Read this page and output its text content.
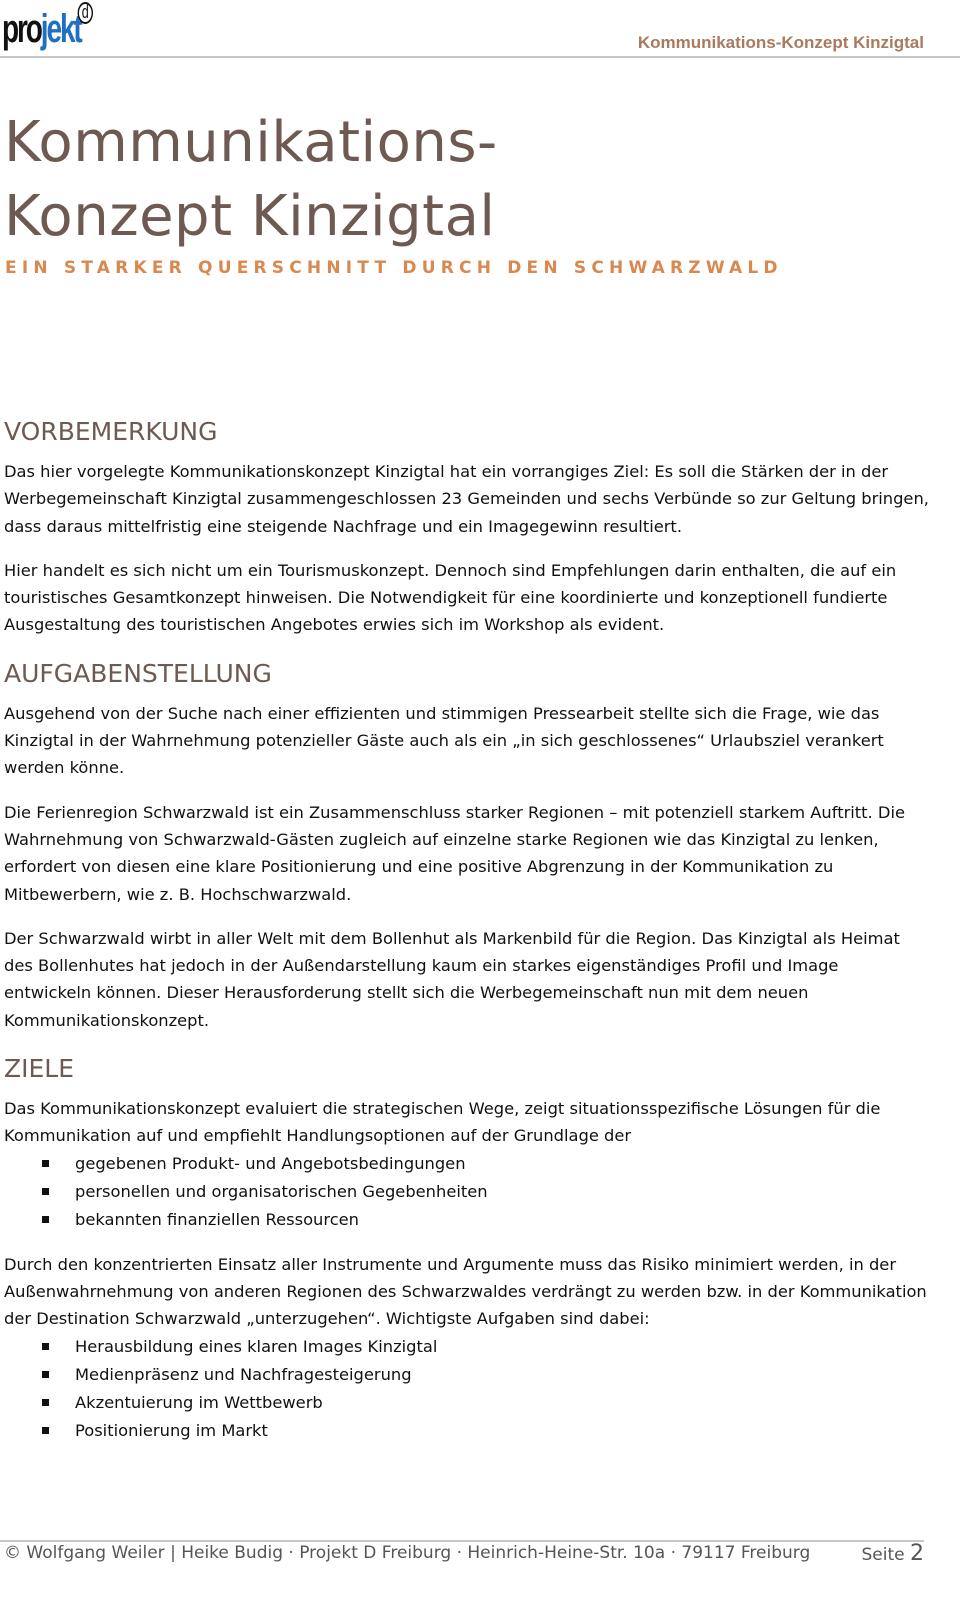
projekt d
Kommunikations-Konzept Kinzigtal
Kommunikations-Konzept Kinzigtal
EIN STARKER QUERSCHNITT DURCH DEN SCHWARZWALD
VORBEMERKUNG

Das hier vorgelegte Kommunikationskonzept Kinzigtal hat ein vorrangiges Ziel: Es soll die Stärken der in der Werbegemeinschaft Kinzigtal zusammengeschlossen 23 Gemeinden und sechs Verbünde so zur Geltung bringen, dass daraus mittelfristig eine steigende Nachfrage und ein Imagegewinn resultiert.

Hier handelt es sich nicht um ein Tourismuskonzept. Dennoch sind Empfehlungen darin enthalten, die auf ein touristisches Gesamtkonzept hinweisen. Die Notwendigkeit für eine koordinierte und konzeptionell fundierte Ausgestaltung des touristischen Angebotes erwies sich im Workshop als evident.

AUFGABENSTELLUNG

Ausgehend von der Suche nach einer effizienten und stimmigen Pressearbeit stellte sich die Frage, wie das Kinzigtal in der Wahrnehmung potenzieller Gäste auch als ein „in sich geschlossenes“ Urlaubsziel verankert werden könne.

Die Ferienregion Schwarzwald ist ein Zusammenschluss starker Regionen – mit potenziell starkem Auftritt. Die Wahrnehmung von Schwarzwald-Gästen zugleich auf einzelne starke Regionen wie das Kinzigtal zu lenken, erfordert von diesen eine klare Positionierung und eine positive Abgrenzung in der Kommunikation zu Mitbewerbern, wie z. B. Hochschwarzwald.

Der Schwarzwald wirbt in aller Welt mit dem Bollenhut als Markenbild für die Region. Das Kinzigtal als Heimat des Bollenhutes hat jedoch in der Außendarstellung kaum ein starkes eigenständiges Profil und Image entwickeln können. Dieser Herausforderung stellt sich die Werbegemeinschaft nun mit dem neuen Kommunikationskonzept.

ZIELE

Das Kommunikationskonzept evaluiert die strategischen Wege, zeigt situationsspezifische Lösungen für die Kommunikation auf und empfiehlt Handlungsoptionen auf der Grundlage der

gegebenen Produkt- und Angebotsbedingungen
personellen und organisatorischen Gegebenheiten
bekannten finanziellen Ressourcen

Durch den konzentrierten Einsatz aller Instrumente und Argumente muss das Risiko minimiert werden, in der Außenwahrnehmung von anderen Regionen des Schwarzwaldes verdrängt zu werden bzw. in der Kommunikation der Destination Schwarzwald „unterzugehen“. Wichtigste Aufgaben sind dabei:

Herausbildung eines klaren Images Kinzigtal
Medienpräsenz und Nachfragesteigerung
Akzentuierung im Wettbewerb
Positionierung im Markt
© Wolfgang Weiler | Heike Budig · Projekt D Freiburg · Heinrich-Heine-Str. 10a · 79117 Freiburg	Seite 2
